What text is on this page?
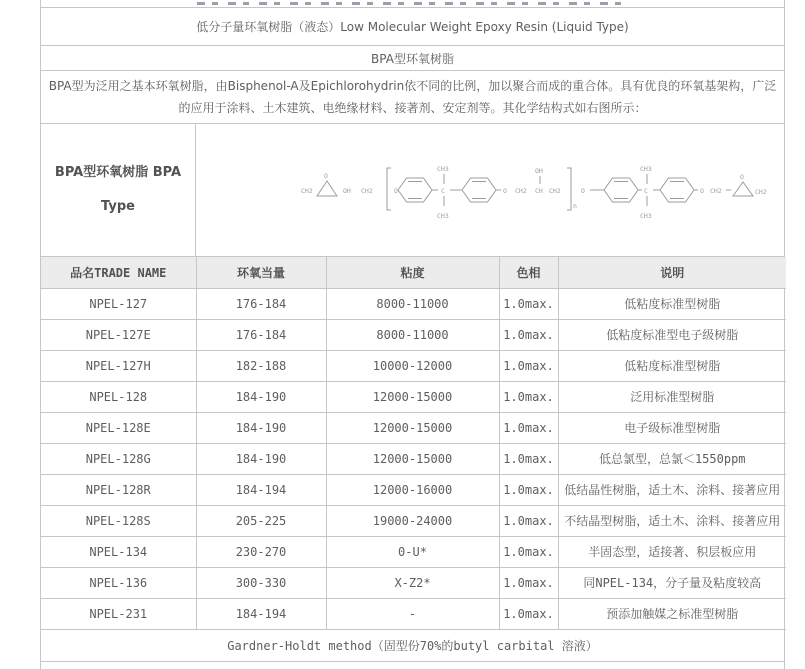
低分子量环氧树脂（液态）Low Molecular Weight Epoxy Resin (Liquid Type)
BPA型环氧树脂
BPA型为泛用之基本环氧树脂，由Bisphenol-A及Epichlorohydrin依不同的比例，加以聚合而成的重合体。具有优良的环氧基架构，广泛的应用于涂料、土木建筑、电绝缘材料、接著剂、安定剂等。其化学结构式如右图所示：
BPA型环氧树脂 BPA
Type
CH2
O
OH CH2	O	C
CH3
CH3
O CH2 CH
OH
CH2
n
O	C
CH3
CH3
O CH2
O
CH2
品名TRADE NAME	环氧当量	粘度	色相	说明
NPEL-127	176-184	8000-11000	1.0max.	低粘度标准型树脂
NPEL-127E	176-184	8000-11000	1.0max.	低粘度标准型电子级树脂
NPEL-127H	182-188	10000-12000	1.0max.	低粘度标准型树脂
NPEL-128	184-190	12000-15000	1.0max.	泛用标准型树脂
NPEL-128E	184-190	12000-15000	1.0max.	电子级标准型树脂
NPEL-128G	184-190	12000-15000	1.0max.	低总氯型，总氯＜1550ppm
NPEL-128R	184-194	12000-16000	1.0max.	低结晶性树脂，适土木、涂料、接著应用
NPEL-128S	205-225	19000-24000	1.0max.	不结晶型树脂，适土木、涂料、接著应用
NPEL-134	230-270	0-U*	1.0max.	半固态型，适接著、积层板应用
NPEL-136	300-330	X-Z2*	1.0max.	同NPEL-134，分子量及粘度较高
NPEL-231	184-194	-	1.0max.	预添加触媒之标准型树脂
Gardner-Holdt method（固型份70%的butyl carbital 溶液）
